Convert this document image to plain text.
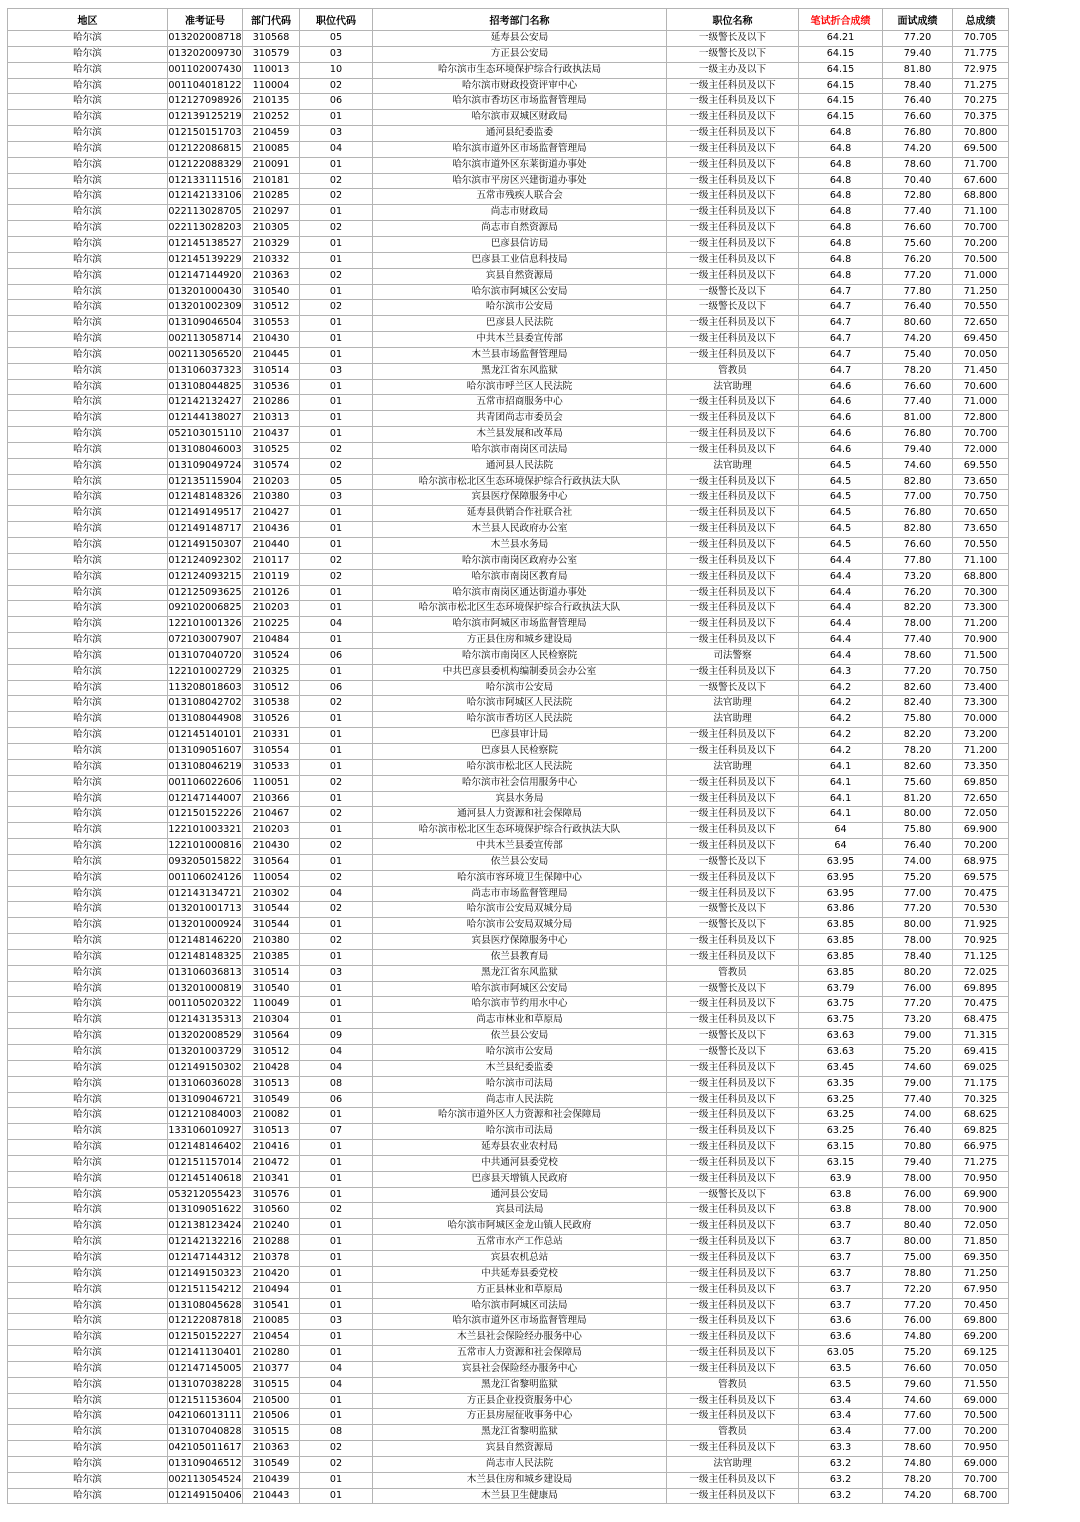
地区	准考证号	部门代码	职位代码	招考部门名称	职位名称	笔试折合成绩	面试成绩	总成绩
哈尔滨	013202008718	310568	05	延寿县公安局	一级警长及以下	64.21	77.20	70.705
哈尔滨	013202009730	310579	03	方正县公安局	一级警长及以下	64.15	79.40	71.775
哈尔滨	001102007430	110013	10	哈尔滨市生态环境保护综合行政执法局	一级主办及以下	64.15	81.80	72.975
哈尔滨	001104018122	110004	02	哈尔滨市财政投资评审中心	一级主任科员及以下	64.15	78.40	71.275
哈尔滨	012127098926	210135	06	哈尔滨市香坊区市场监督管理局	一级主任科员及以下	64.15	76.40	70.275
哈尔滨	012139125219	210252	01	哈尔滨市双城区财政局	一级主任科员及以下	64.15	76.60	70.375
哈尔滨	012150151703	210459	03	通河县纪委监委	一级主任科员及以下	64.8	76.80	70.800
哈尔滨	012122086815	210085	04	哈尔滨市道外区市场监督管理局	一级主任科员及以下	64.8	74.20	69.500
哈尔滨	012122088329	210091	01	哈尔滨市道外区东莱街道办事处	一级主任科员及以下	64.8	78.60	71.700
哈尔滨	012133111516	210181	02	哈尔滨市平房区兴建街道办事处	一级主任科员及以下	64.8	70.40	67.600
哈尔滨	012142133106	210285	02	五常市残疾人联合会	一级主任科员及以下	64.8	72.80	68.800
哈尔滨	022113028705	210297	01	尚志市财政局	一级主任科员及以下	64.8	77.40	71.100
哈尔滨	022113028203	210305	02	尚志市自然资源局	一级主任科员及以下	64.8	76.60	70.700
哈尔滨	012145138527	210329	01	巴彦县信访局	一级主任科员及以下	64.8	75.60	70.200
哈尔滨	012145139229	210332	01	巴彦县工业信息科技局	一级主任科员及以下	64.8	76.20	70.500
哈尔滨	012147144920	210363	02	宾县自然资源局	一级主任科员及以下	64.8	77.20	71.000
哈尔滨	013201000430	310540	01	哈尔滨市阿城区公安局	一级警长及以下	64.7	77.80	71.250
哈尔滨	013201002309	310512	02	哈尔滨市公安局	一级警长及以下	64.7	76.40	70.550
哈尔滨	013109046504	310553	01	巴彦县人民法院	一级主任科员及以下	64.7	80.60	72.650
哈尔滨	002113058714	210430	01	中共木兰县委宣传部	一级主任科员及以下	64.7	74.20	69.450
哈尔滨	002113056520	210445	01	木兰县市场监督管理局	一级主任科员及以下	64.7	75.40	70.050
哈尔滨	013106037323	310514	03	黑龙江省东风监狱	管教员	64.7	78.20	71.450
哈尔滨	013108044825	310536	01	哈尔滨市呼兰区人民法院	法官助理	64.6	76.60	70.600
哈尔滨	012142132427	210286	01	五常市招商服务中心	一级主任科员及以下	64.6	77.40	71.000
哈尔滨	012144138027	210313	01	共青团尚志市委员会	一级主任科员及以下	64.6	81.00	72.800
哈尔滨	052103015110	210437	01	木兰县发展和改革局	一级主任科员及以下	64.6	76.80	70.700
哈尔滨	013108046003	310525	02	哈尔滨市南岗区司法局	一级主任科员及以下	64.6	79.40	72.000
哈尔滨	013109049724	310574	02	通河县人民法院	法官助理	64.5	74.60	69.550
哈尔滨	012135115904	210203	05	哈尔滨市松北区生态环境保护综合行政执法大队	一级主任科员及以下	64.5	82.80	73.650
哈尔滨	012148148326	210380	03	宾县医疗保障服务中心	一级主任科员及以下	64.5	77.00	70.750
哈尔滨	012149149517	210427	01	延寿县供销合作社联合社	一级主任科员及以下	64.5	76.80	70.650
哈尔滨	012149148717	210436	01	木兰县人民政府办公室	一级主任科员及以下	64.5	82.80	73.650
哈尔滨	012149150307	210440	01	木兰县水务局	一级主任科员及以下	64.5	76.60	70.550
哈尔滨	012124092302	210117	02	哈尔滨市南岗区政府办公室	一级主任科员及以下	64.4	77.80	71.100
哈尔滨	012124093215	210119	02	哈尔滨市南岗区教育局	一级主任科员及以下	64.4	73.20	68.800
哈尔滨	012125093625	210126	01	哈尔滨市南岗区通达街道办事处	一级主任科员及以下	64.4	76.20	70.300
哈尔滨	092102006825	210203	01	哈尔滨市松北区生态环境保护综合行政执法大队	一级主任科员及以下	64.4	82.20	73.300
哈尔滨	122101001326	210225	04	哈尔滨市阿城区市场监督管理局	一级主任科员及以下	64.4	78.00	71.200
哈尔滨	072103007907	210484	01	方正县住房和城乡建设局	一级主任科员及以下	64.4	77.40	70.900
哈尔滨	013107040720	310524	06	哈尔滨市南岗区人民检察院	司法警察	64.4	78.60	71.500
哈尔滨	122101002729	210325	01	中共巴彦县委机构编制委员会办公室	一级主任科员及以下	64.3	77.20	70.750
哈尔滨	113208018603	310512	06	哈尔滨市公安局	一级警长及以下	64.2	82.60	73.400
哈尔滨	013108042702	310538	02	哈尔滨市阿城区人民法院	法官助理	64.2	82.40	73.300
哈尔滨	013108044908	310526	01	哈尔滨市香坊区人民法院	法官助理	64.2	75.80	70.000
哈尔滨	012145140101	210331	01	巴彦县审计局	一级主任科员及以下	64.2	82.20	73.200
哈尔滨	013109051607	310554	01	巴彦县人民检察院	一级主任科员及以下	64.2	78.20	71.200
哈尔滨	013108046219	310533	01	哈尔滨市松北区人民法院	法官助理	64.1	82.60	73.350
哈尔滨	001106022606	110051	02	哈尔滨市社会信用服务中心	一级主任科员及以下	64.1	75.60	69.850
哈尔滨	012147144007	210366	01	宾县水务局	一级主任科员及以下	64.1	81.20	72.650
哈尔滨	012150152226	210467	02	通河县人力资源和社会保障局	一级主任科员及以下	64.1	80.00	72.050
哈尔滨	122101003321	210203	01	哈尔滨市松北区生态环境保护综合行政执法大队	一级主任科员及以下	64	75.80	69.900
哈尔滨	122101000816	210430	02	中共木兰县委宣传部	一级主任科员及以下	64	76.40	70.200
哈尔滨	093205015822	310564	01	依兰县公安局	一级警长及以下	63.95	74.00	68.975
哈尔滨	001106024126	110054	02	哈尔滨市容环境卫生保障中心	一级主任科员及以下	63.95	75.20	69.575
哈尔滨	012143134721	210302	04	尚志市市场监督管理局	一级主任科员及以下	63.95	77.00	70.475
哈尔滨	013201001713	310544	02	哈尔滨市公安局双城分局	一级警长及以下	63.86	77.20	70.530
哈尔滨	013201000924	310544	01	哈尔滨市公安局双城分局	一级警长及以下	63.85	80.00	71.925
哈尔滨	012148146220	210380	02	宾县医疗保障服务中心	一级主任科员及以下	63.85	78.00	70.925
哈尔滨	012148148325	210385	01	依兰县教育局	一级主任科员及以下	63.85	78.40	71.125
哈尔滨	013106036813	310514	03	黑龙江省东风监狱	管教员	63.85	80.20	72.025
哈尔滨	013201000819	310540	01	哈尔滨市阿城区公安局	一级警长及以下	63.79	76.00	69.895
哈尔滨	001105020322	110049	01	哈尔滨市节约用水中心	一级主任科员及以下	63.75	77.20	70.475
哈尔滨	012143135313	210304	01	尚志市林业和草原局	一级主任科员及以下	63.75	73.20	68.475
哈尔滨	013202008529	310564	09	依兰县公安局	一级警长及以下	63.63	79.00	71.315
哈尔滨	013201003729	310512	04	哈尔滨市公安局	一级警长及以下	63.63	75.20	69.415
哈尔滨	012149150302	210428	04	木兰县纪委监委	一级主任科员及以下	63.45	74.60	69.025
哈尔滨	013106036028	310513	08	哈尔滨市司法局	一级主任科员及以下	63.35	79.00	71.175
哈尔滨	013109046721	310549	06	尚志市人民法院	一级主任科员及以下	63.25	77.40	70.325
哈尔滨	012121084003	210082	01	哈尔滨市道外区人力资源和社会保障局	一级主任科员及以下	63.25	74.00	68.625
哈尔滨	133106010927	310513	07	哈尔滨市司法局	一级主任科员及以下	63.25	76.40	69.825
哈尔滨	012148146402	210416	01	延寿县农业农村局	一级主任科员及以下	63.15	70.80	66.975
哈尔滨	012151157014	210472	01	中共通河县委党校	一级主任科员及以下	63.15	79.40	71.275
哈尔滨	012145140618	210341	01	巴彦县天增镇人民政府	一级主任科员及以下	63.9	78.00	70.950
哈尔滨	053212055423	310576	01	通河县公安局	一级警长及以下	63.8	76.00	69.900
哈尔滨	013109051622	310560	02	宾县司法局	一级主任科员及以下	63.8	78.00	70.900
哈尔滨	012138123424	210240	01	哈尔滨市阿城区金龙山镇人民政府	一级主任科员及以下	63.7	80.40	72.050
哈尔滨	012142132216	210288	01	五常市水产工作总站	一级主任科员及以下	63.7	80.00	71.850
哈尔滨	012147144312	210378	01	宾县农机总站	一级主任科员及以下	63.7	75.00	69.350
哈尔滨	012149150323	210420	01	中共延寿县委党校	一级主任科员及以下	63.7	78.80	71.250
哈尔滨	012151154212	210494	01	方正县林业和草原局	一级主任科员及以下	63.7	72.20	67.950
哈尔滨	013108045628	310541	01	哈尔滨市阿城区司法局	一级主任科员及以下	63.7	77.20	70.450
哈尔滨	012122087818	210085	03	哈尔滨市道外区市场监督管理局	一级主任科员及以下	63.6	76.00	69.800
哈尔滨	012150152227	210454	01	木兰县社会保险经办服务中心	一级主任科员及以下	63.6	74.80	69.200
哈尔滨	012141130401	210280	01	五常市人力资源和社会保障局	一级主任科员及以下	63.05	75.20	69.125
哈尔滨	012147145005	210377	04	宾县社会保险经办服务中心	一级主任科员及以下	63.5	76.60	70.050
哈尔滨	013107038228	310515	04	黑龙江省黎明监狱	管教员	63.5	79.60	71.550
哈尔滨	012151153604	210500	01	方正县企业投资服务中心	一级主任科员及以下	63.4	74.60	69.000
哈尔滨	042106013111	210506	01	方正县房屋征收事务中心	一级主任科员及以下	63.4	77.60	70.500
哈尔滨	013107040828	310515	08	黑龙江省黎明监狱	管教员	63.4	77.00	70.200
哈尔滨	042105011617	210363	02	宾县自然资源局	一级主任科员及以下	63.3	78.60	70.950
哈尔滨	013109046512	310549	02	尚志市人民法院	法官助理	63.2	74.80	69.000
哈尔滨	002113054524	210439	01	木兰县住房和城乡建设局	一级主任科员及以下	63.2	78.20	70.700
哈尔滨	012149150406	210443	01	木兰县卫生健康局	一级主任科员及以下	63.2	74.20	68.700
